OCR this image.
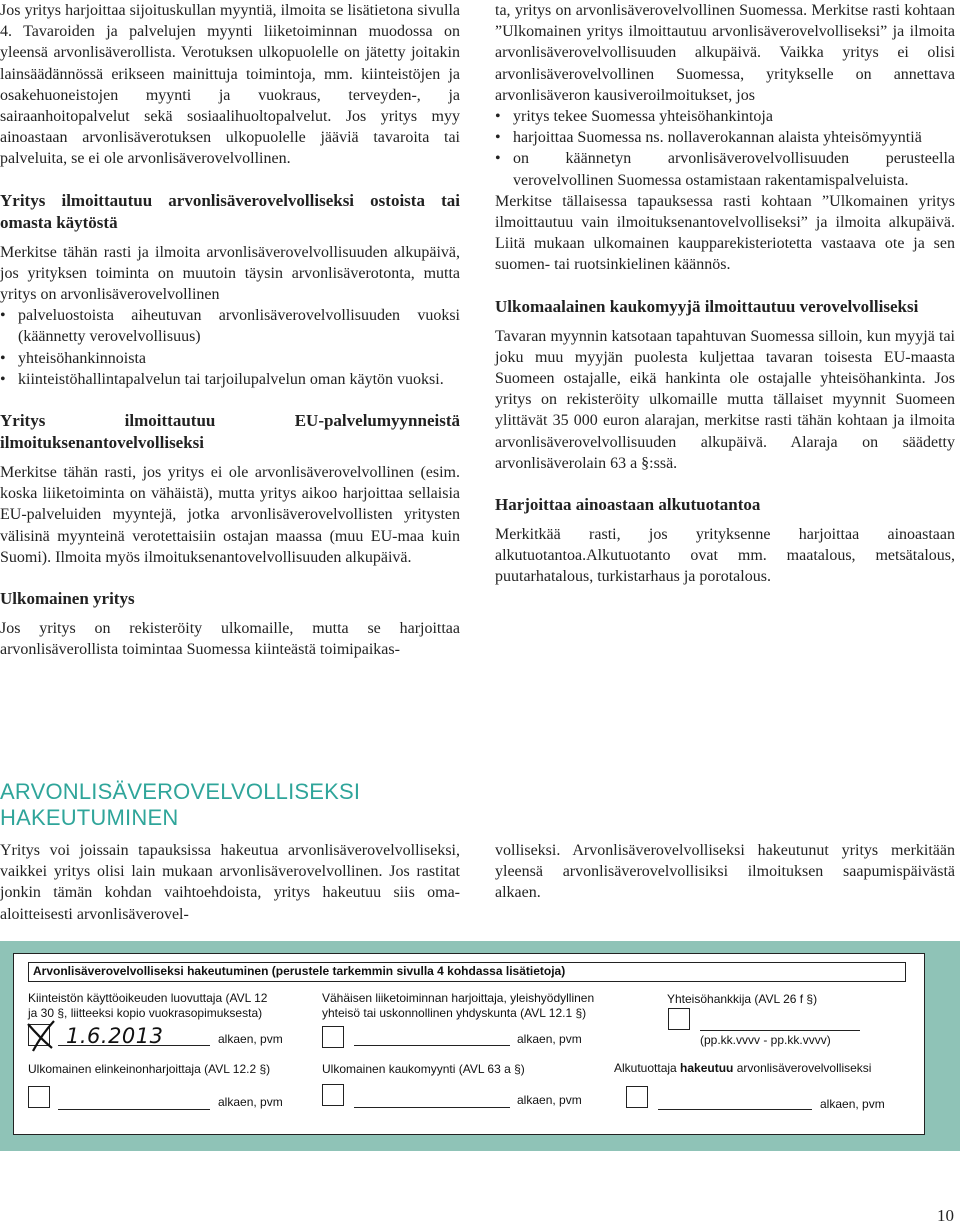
Jos yritys harjoittaa sijoituskullan myyntiä, ilmoita se lisätietona sivulla 4. Tavaroiden ja palvelujen myynti liiketoiminnan muodossa on yleensä arvonlisäverollista. Verotuksen ulkopuolelle on jätetty joitakin lainsäädännössä erikseen mainittuja toimintoja, mm. kiinteistöjen ja osakehuoneistojen myynti ja vuokraus, terveyden-, ja sairaanhoitopalvelut sekä sosiaalihuoltopalvelut. Jos yritys myy ainoastaan arvonlisäverotuksen ulkopuolelle jääviä tavaroita tai palveluita, se ei ole arvonlisäverovelvollinen.

Yritys ilmoittautuu arvonlisäverovelvolliseksi ostoista tai omasta käytöstä

Merkitse tähän rasti ja ilmoita arvonlisäverovelvollisuuden alkupäivä, jos yrityksen toiminta on muutoin täysin arvonlisäverotonta, mutta yritys on arvonlisäverovelvollinen

• palveluostoista aiheutuvan arvonlisäverovelvollisuuden vuoksi (käännetty verovelvollisuus)
• yhteisöhankinnoista
• kiinteistöhallintapalvelun tai tarjoilupalvelun oman käytön vuoksi.
Yritys ilmoittautuu EU-palvelumyynneistä ilmoituksenantovelvolliseksi

Merkitse tähän rasti, jos yritys ei ole arvonlisäverovelvollinen (esim. koska liiketoiminta on vähäistä), mutta yritys aikoo harjoittaa sellaisia EU-palveluiden myyntejä, jotka arvonlisäverovelvollisten yritysten välisinä myynteinä verotettaisiin ostajan maassa (muu EU-maa kuin Suomi). Ilmoita myös ilmoituksenantovelvollisuuden alkupäivä.

Ulkomainen yritys

Jos yritys on rekisteröity ulkomaille, mutta se harjoittaa arvonlisäverollista toimintaa Suomessa kiinteästä toimipaikas-

ta, yritys on arvonlisäverovelvollinen Suomessa. Merkitse rasti kohtaan ”Ulkomainen yritys ilmoittautuu arvonlisäverovelvolliseksi” ja ilmoita arvonlisäverovelvollisuuden alkupäivä. Vaikka yritys ei olisi arvonlisäverovelvollinen Suomessa, yritykselle on annettava arvonlisäveron kausiveroilmoitukset, jos

• yritys tekee Suomessa yhteisöhankintoja
• harjoittaa Suomessa ns. nollaverokannan alaista yhteisömyyntiä
• on käännetyn arvonlisäverovelvollisuuden perusteella verovelvollinen Suomessa ostamistaan rakentamispalveluista.

Merkitse tällaisessa tapauksessa rasti kohtaan ”Ulkomainen yritys ilmoittautuu vain ilmoituksenantovelvolliseksi” ja ilmoita alkupäivä. Liitä mukaan ulkomainen kaupparekisteriotetta vastaava ote ja sen suomen- tai ruotsinkielinen käännös.

Ulkomaalainen kaukomyyjä ilmoittautuu verovelvolliseksi

Tavaran myynnin katsotaan tapahtuvan Suomessa silloin, kun myyjä tai joku muu myyjän puolesta kuljettaa tavaran toisesta EU-maasta Suomeen ostajalle, eikä hankinta ole ostajalle yhteisöhankinta. Jos yritys on rekisteröity ulkomaille mutta tällaiset myynnit Suomeen ylittävät 35 000 euron alarajan, merkitse rasti tähän kohtaan ja ilmoita arvonlisäverovelvollisuuden alkupäivä. Alaraja on säädetty arvonlisäverolain 63 a §:ssä.

Harjoittaa ainoastaan alkutuotantoa

Merkitkää rasti, jos yrityksenne harjoittaa ainoastaan alkutuotantoa.Alkutuotanto ovat mm. maatalous, metsätalous, puutarhatalous, turkistarhaus ja porotalous.

ARVONLISÄVEROVELVOLLISEKSI
HAKEUTUMINEN

Yritys voi joissain tapauksissa hakeutua arvonlisäverovelvolliseksi, vaikkei yritys olisi lain mukaan arvonlisäverovelvollinen. Jos rastitat jonkin tämän kohdan vaihtoehdoista, yritys hakeutuu siis oma-aloitteisesti arvonlisäverovel-

volliseksi. Arvonlisäverovelvolliseksi hakeutunut yritys merkitään yleensä arvonlisäverovelvollisiksi ilmoituksen saapumispäivästä alkaen.

Arvonlisäverovelvolliseksi hakeutuminen (perustele tarkemmin sivulla 4 kohdassa lisätietoja)
Kiinteistön käyttöoikeuden luovuttaja (AVL 12
ja 30 §, liitteeksi kopio vuokrasopimuksesta)
1.6.2013	alkaen, pvm
Vähäisen liiketoiminnan harjoittaja, yleishyödyllinen
yhteisö tai uskonnollinen yhdyskunta (AVL 12.1 §)
alkaen, pvm
Yhteisöhankkija (AVL 26 f §)
(pp.kk.vvvv - pp.kk.vvvv)
Ulkomainen elinkeinonharjoittaja (AVL 12.2 §)
alkaen, pvm
Ulkomainen kaukomyynti (AVL 63 a §)
alkaen, pvm
Alkutuottaja hakeutuu arvonlisäverovelvolliseksi
alkaen, pvm
10
